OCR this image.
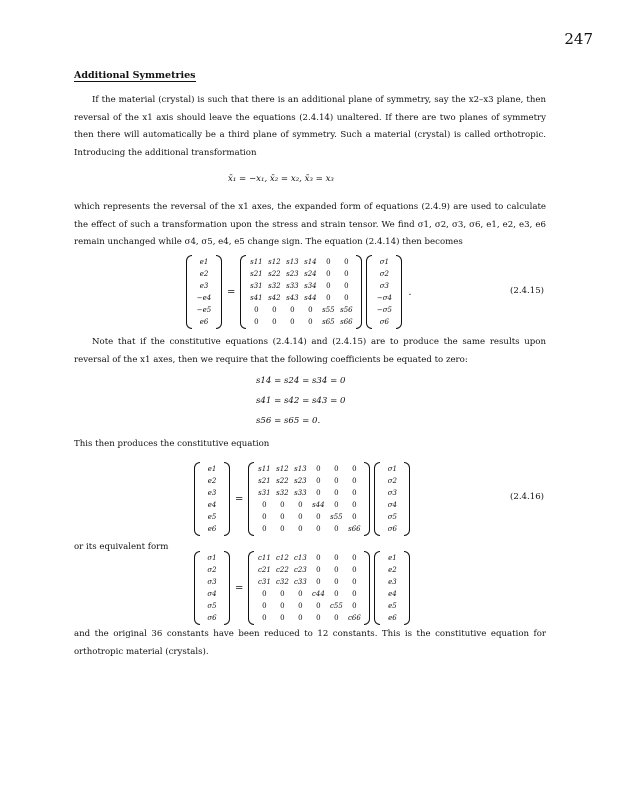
247
Additional Symmetries
If the material (crystal) is such that there is an additional plane of symmetry, say the x2–x3 plane, then reversal of the x1 axis should leave the equations (2.4.14) unaltered. If there are two planes of symmetry then there will automatically be a third plane of symmetry. Such a material (crystal) is called orthotropic. Introducing the additional transformation
x̄₁ = −x₁, x̄₂ = x₂, x̄₃ = x₃
which represents the reversal of the x1 axes, the expanded form of equations (2.4.9) are used to calculate the effect of such a transformation upon the stress and strain tensor. We find σ1, σ2, σ3, σ6, e1, e2, e3, e6 remain unchanged while σ4, σ5, e4, e5 change sign. The equation (2.4.14) then becomes
e1
e2
e3
−e4
−e5
e6
=
s11 s12 s13 s14	0	0
s21 s22 s23 s24	0	0
s31 s32 s33 s34	0	0
s41 s42 s43 s44	0	0
0	0	0	0	s55 s56
0	0	0	0	s65 s66
σ1
σ2
σ3
−σ4
−σ5
σ6
.	(2.4.15)
Note that if the constitutive equations (2.4.14) and (2.4.15) are to produce the same results upon reversal of the x1 axes, then we require that the following coefficients be equated to zero:
s14 = s24 = s34 = 0
s41 = s42 = s43 = 0
s56 = s65 = 0.
This then produces the constitutive equation
e1
e2
e3
e4
e5
e6
=
s11 s12 s13	0	0	0
s21 s22 s23	0	0	0
s31 s32 s33	0	0	0
0	0	0	s44	0	0
0	0	0	0	s55	0
0	0	0	0	0	s66
σ1
σ2
σ3
σ4
σ5
σ6
(2.4.16)
or its equivalent form
σ1
σ2
σ3
σ4
σ5
σ6
=
c11 c12 c13	0	0	0
c21 c22 c23	0	0	0
c31 c32 c33	0	0	0
0	0	0	c44	0	0
0	0	0	0	c55	0
0	0	0	0	0	c66
e1
e2
e3
e4
e5
e6
and the original 36 constants have been reduced to 12 constants. This is the constitutive equation for orthotropic material (crystals).
